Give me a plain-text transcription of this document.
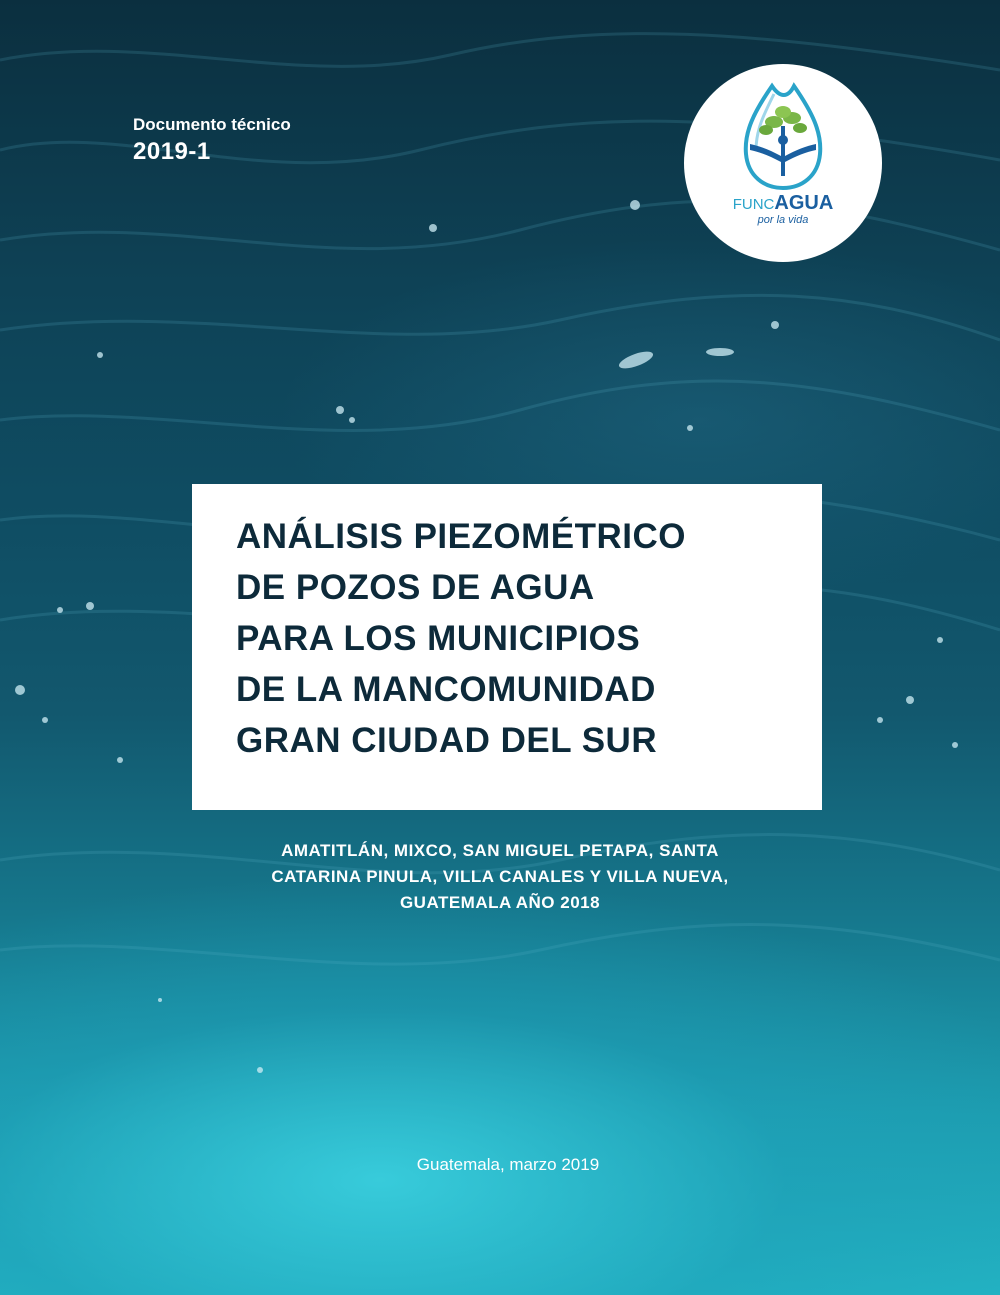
Documento técnico
2019-1
FUNCAGUA
por la vida
ANÁLISIS PIEZOMÉTRICO
DE POZOS DE AGUA
PARA LOS MUNICIPIOS
DE LA MANCOMUNIDAD
GRAN CIUDAD DEL SUR
AMATITLÁN, MIXCO, SAN MIGUEL PETAPA, SANTA
CATARINA PINULA, VILLA CANALES Y VILLA NUEVA,
GUATEMALA AÑO 2018
Guatemala, marzo 2019
